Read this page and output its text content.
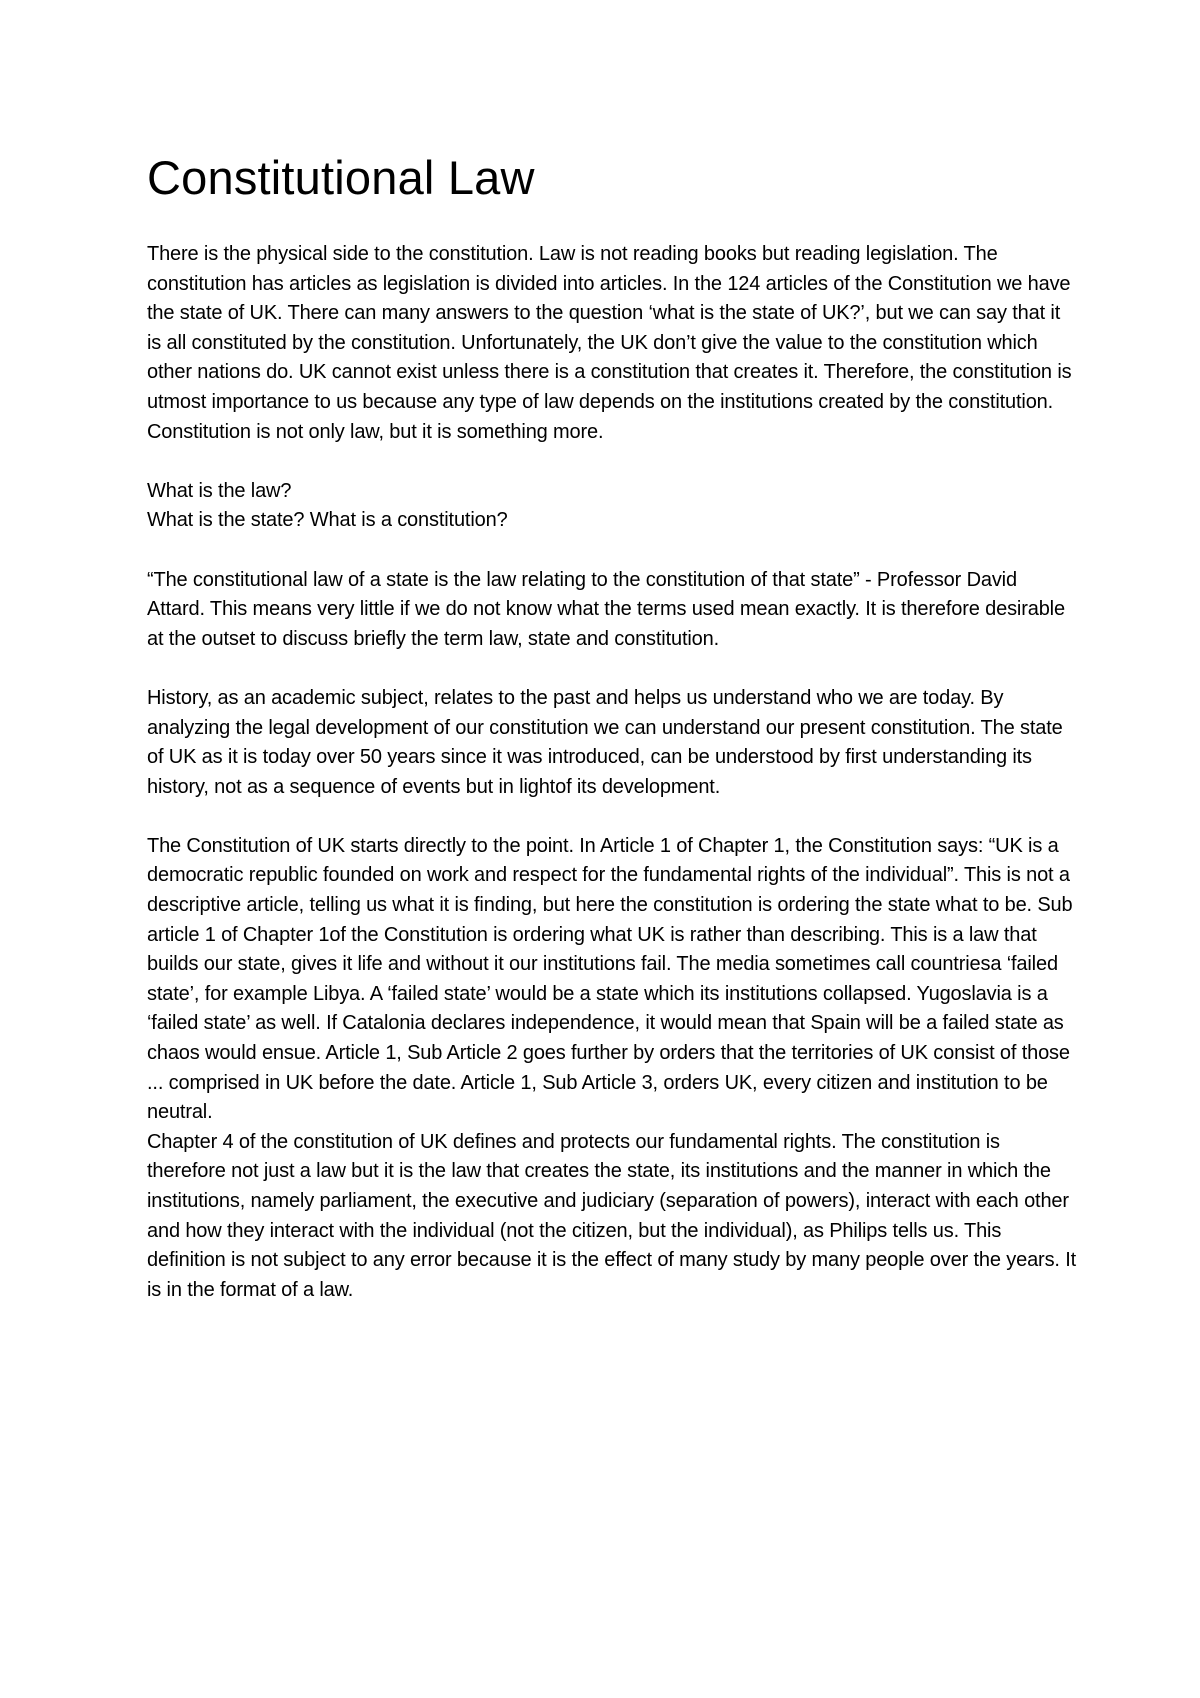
Constitutional Law

There is the physical side to the constitution. Law is not reading books but reading legislation. The constitution has articles as legislation is divided into articles. In the 124 articles of the Constitution we have the state of UK. There can many answers to the question ‘what is the state of UK?’, but we can say that it is all constituted by the constitution. Unfortunately, the UK don’t give the value to the constitution which other nations do. UK cannot exist unless there is a constitution that creates it. Therefore, the constitution is utmost importance to us because any type of law depends on the institutions created by the constitution. Constitution is not only law, but it is something more.

What is the law?
What is the state? What is a constitution?

“The constitutional law of a state is the law relating to the constitution of that state” - Professor David Attard. This means very little if we do not know what the terms used mean exactly. It is therefore desirable at the outset to discuss briefly the term law, state and constitution.

History, as an academic subject, relates to the past and helps us understand who we are today. By analyzing the legal development of our constitution we can understand our present constitution. The state of UK as it is today over 50 years since it was introduced, can be understood by first understanding its history, not as a sequence of events but in lightof its development.

The Constitution of UK starts directly to the point. In Article 1 of Chapter 1, the Constitution says: “UK is a democratic republic founded on work and respect for the fundamental rights of the individual”. This is not a descriptive article, telling us what it is finding, but here the constitution is ordering the state what to be. Sub article 1 of Chapter 1of the Constitution is ordering what UK is rather than describing. This is a law that builds our state, gives it life and without it our institutions fail. The media sometimes call countriesa ‘failed state’, for example Libya. A ‘failed state’ would be a state which its institutions collapsed. Yugoslavia is a ‘failed state’ as well. If Catalonia declares independence, it would mean that Spain will be a failed state as chaos would ensue. Article 1, Sub Article 2 goes further by orders that the territories of UK consist of those ... comprised in UK before the date. Article 1, Sub Article 3, orders UK, every citizen and institution to be neutral.

Chapter 4 of the constitution of UK defines and protects our fundamental rights. The constitution is therefore not just a law but it is the law that creates the state, its institutions and the manner in which the institutions, namely parliament, the executive and judiciary (separation of powers), interact with each other and how they interact with the individual (not the citizen, but the individual), as Philips tells us. This definition is not subject to any error because it is the effect of many study by many people over the years. It is in the format of a law.
